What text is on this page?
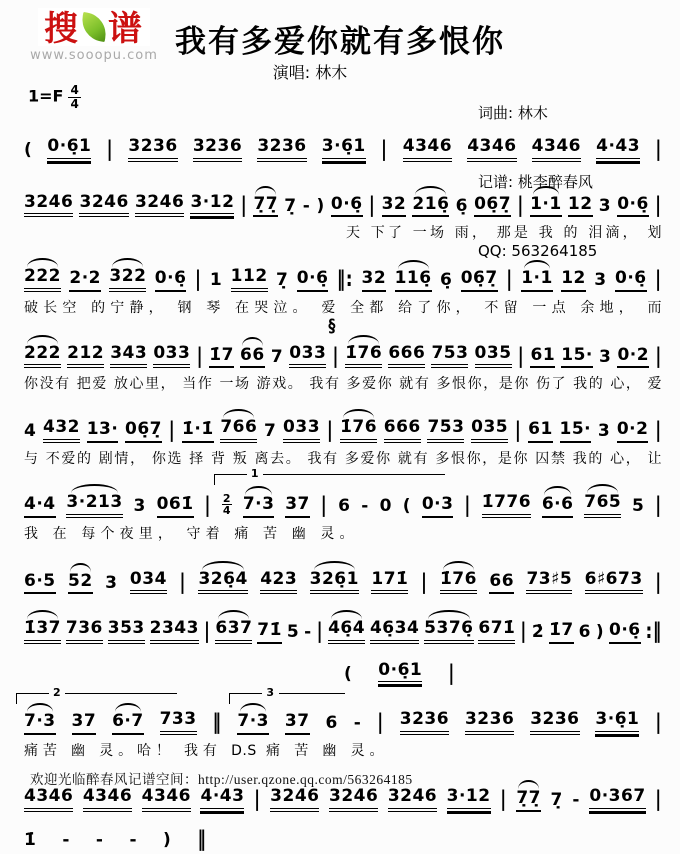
搜 谱
www.sooopu.com 我有多爱你就有多恨你
演唱: 林木

词曲: 林木

记谱: 桃李醉春风

QQ: 563264185

$1=F \frac{4}{4}$
( 0·6̣1 | 3236 3236 3236 3·6̣1 | 4346 4346 4346 4·43 |
3246 3246 3246 3·12 | 7̣7̣ 7̣ - ) 0·6̣ | 32 216̣ 6̣ 06̣7̣ | 1·1 12 3 0·6̣ |
天 下了 一场 雨， 那是 我 的 泪滴， 划
222 2·2 322 0·6̣ | 1 112 7̣ 0·6̣ ‖: 32 116̣ 6̣ 06̣7̣ | 1·1 12 3 0·6̣ |
破长空 的宁静， 钢 琴 在哭泣。 爱 全都 给了你， 不留 一点 余地， 而
222 212 343 033 | 1̇7 66 7 033 |
§
1̇76 666 753 035 | 61 15· 3 0·2 |
你没有 把爱 放心里， 当作 一场 游戏。 我有 多爱你 就有 多恨你，是你 伤了 我的 心， 爱
4 432 13· 06̣7̣ | 1̇·1̇ 766 7 033 | 1̇76 666 753 035 | 61 15· 3 0·2 |
与 不爱的 剧情， 你选 择 背 叛 离去。 我有 多爱你 就有 多恨你，是你 囚禁 我的 心， 让
4·4 3·213 3 061̇ | 2
4
1
7·3 37 | 6 - 0 ( 0·3 | 1̇776 6·6 765 5 |
我 在 每个夜里， 守着 痛 苦 幽 灵。
6·5 52 3 034 | 326̣4 423 326̣1 171̇ | 1̇76 66 73♯5 6♯673 |
1̇37 736 353 2343 | 637 71̇ 5 - | 46̣4 46̣34 5376̣ 671̇ | 2̇ 1̇7 6 ) 0·6̣ :‖
( 0·6̣1 |
7·3
2
37 6·7 733 ‖ 7·3
3
37 6 - | 3236 3236 3236 3·6̣1 |
痛苦 幽 灵。哈！ 我有 D.S 痛 苦 幽 灵。
4346 4346 4346 4·43 | 3246 3246 3246 3·12 | 7̣7̣ 7̣ - 0·367 |
1̇ - - - ) ‖
欢迎光临醉春风记谱空间：http://user.qzone.qq.com/563264185
